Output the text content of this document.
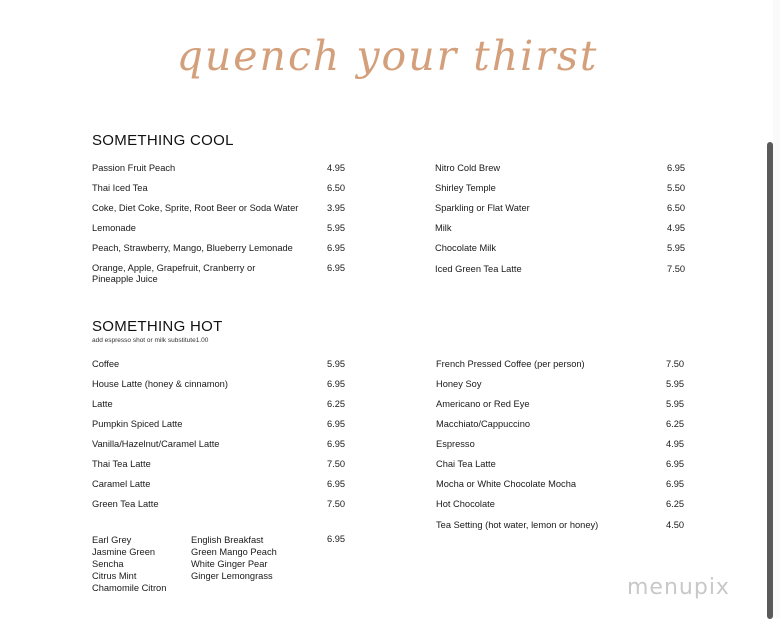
quench your thirst
SOMETHING COOL
Passion Fruit Peach	4.95
Thai Iced Tea	6.50
Coke, Diet Coke, Sprite, Root Beer or Soda Water	3.95
Lemonade	5.95
Peach, Strawberry, Mango, Blueberry Lemonade	6.95
Orange, Apple, Grapefruit, Cranberry or
Pineapple Juice
6.95
Nitro Cold Brew	6.95
Shirley Temple	5.50
Sparkling or Flat Water	6.50
Milk	4.95
Chocolate Milk	5.95
Iced Green Tea Latte	7.50
SOMETHING HOT
add espresso shot or milk substitute1.00
Coffee	5.95
House Latte (honey & cinnamon)	6.95
Latte	6.25
Pumpkin Spiced Latte	6.95
Vanilla/Hazelnut/Caramel Latte	6.95
Thai Tea Latte	7.50
Caramel Latte	6.95
Green Tea Latte	7.50
French Pressed Coffee (per person)	7.50
Honey Soy	5.95
Americano or Red Eye	5.95
Macchiato/Cappuccino	6.25
Espresso	4.95
Chai Tea Latte	6.95
Mocha or White Chocolate Mocha	6.95
Hot Chocolate	6.25
Tea Setting (hot water, lemon or honey)	4.50
Earl Grey
Jasmine Green
Sencha
Citrus Mint
Chamomile Citron
English Breakfast
Green Mango Peach
White Ginger Pear
Ginger Lemongrass
6.95
menupix
